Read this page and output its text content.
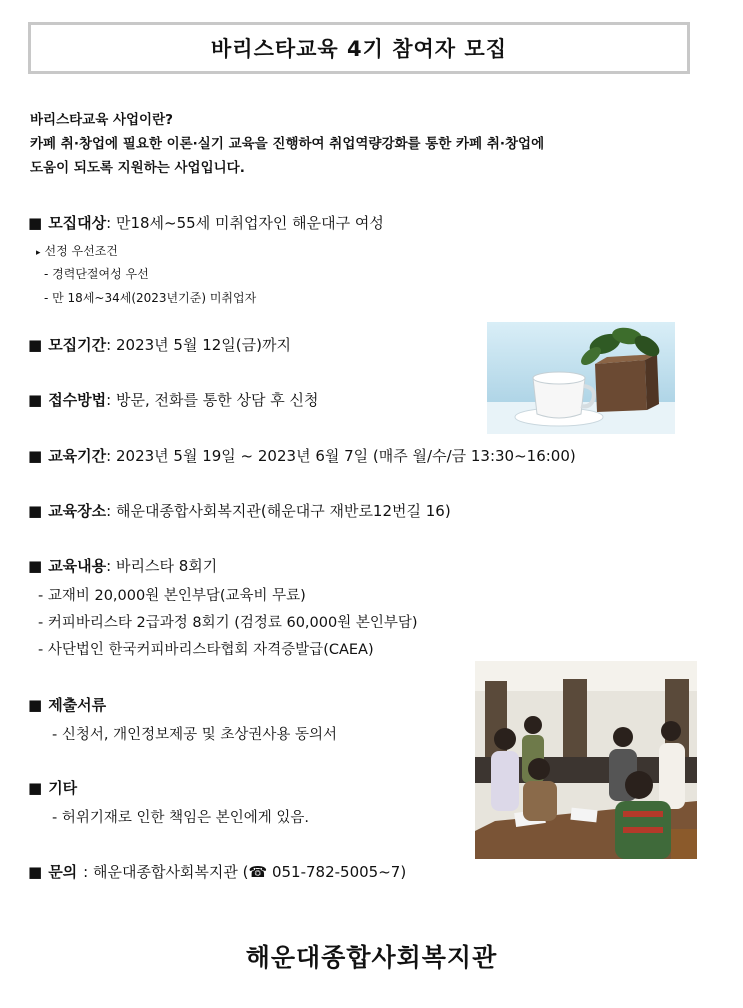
바리스타교육 4기 참여자 모집
바리스타교육 사업이란?
카페 취·창업에 필요한 이론·실기 교육을 진행하여 취업역량강화를 통한 카페 취·창업에
도움이 되도록 지원하는 사업입니다.
■ 모집대상: 만18세~55세 미취업자인 해운대구 여성
▸ 선정 우선조건
- 경력단절여성 우선
- 만 18세~34세(2023년기준) 미취업자
■ 모집기간: 2023년 5월 12일(금)까지
■ 접수방법: 방문, 전화를 통한 상담 후 신청
■ 교육기간: 2023년 5월 19일 ~ 2023년 6월 7일 (매주 월/수/금 13:30~16:00)
■ 교육장소: 해운대종합사회복지관(해운대구 재반로12번길 16)
■ 교육내용: 바리스타 8회기
- 교재비 20,000원 본인부담(교육비 무료)
- 커피바리스타 2급과정 8회기 (검정료 60,000원 본인부담)
- 사단법인 한국커피바리스타협회 자격증발급(CAEA)
■ 제출서류
- 신청서, 개인정보제공 및 초상권사용 동의서
■ 기타
- 허위기재로 인한 책임은 본인에게 있음.
■ 문의 : 해운대종합사회복지관 (☎ 051-782-5005~7)
해운대종합사회복지관
